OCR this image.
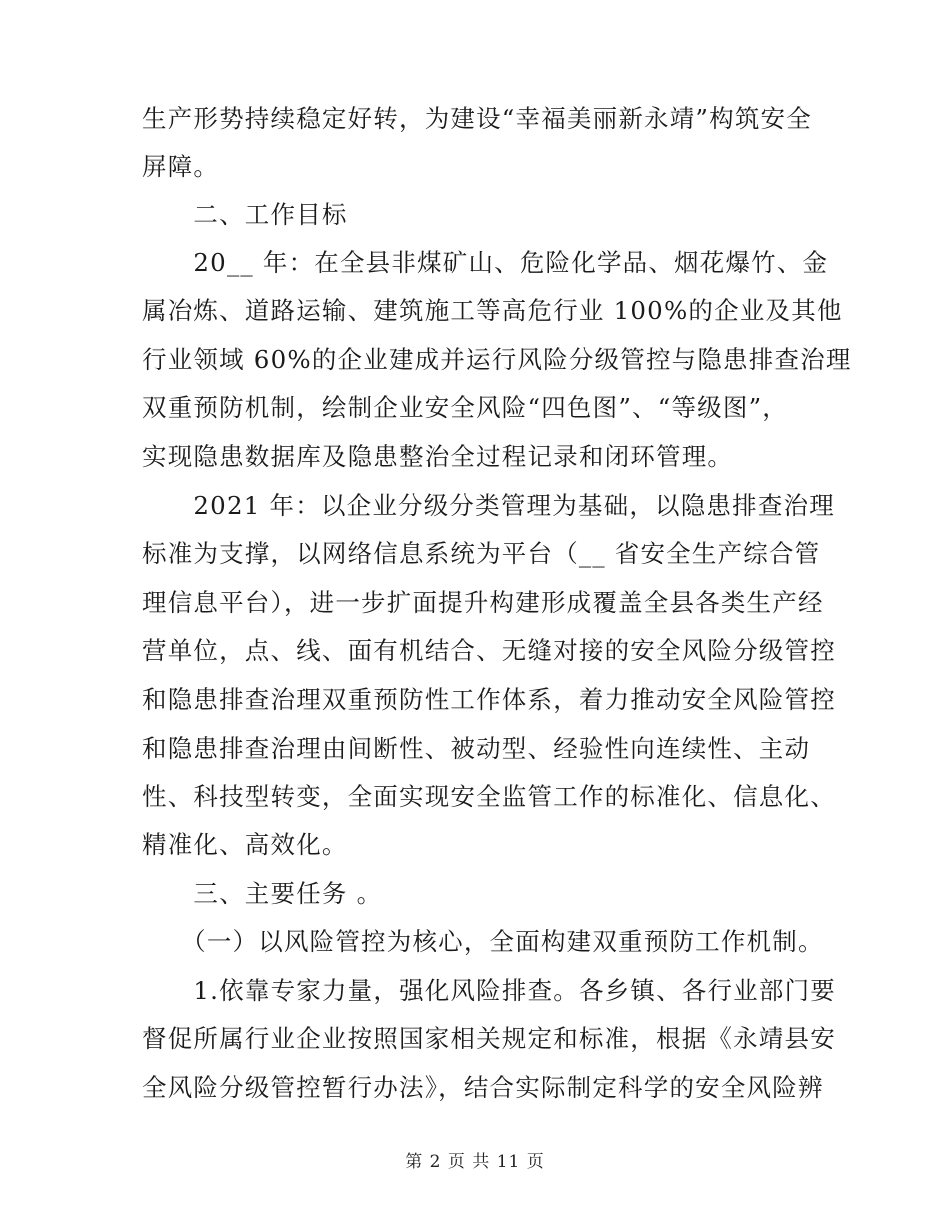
生产形势持续稳定好转，为建设“幸福美丽新永靖”构筑安全
屏障。
　　二、工作目标
　　20__ 年：在全县非煤矿山、危险化学品、烟花爆竹、金
属冶炼、道路运输、建筑施工等高危行业 100%的企业及其他
行业领域 60%的企业建成并运行风险分级管控与隐患排查治理
双重预防机制，绘制企业安全风险“四色图”、“等级图”，
实现隐患数据库及隐患整治全过程记录和闭环管理。
　　2021 年：以企业分级分类管理为基础，以隐患排查治理
标准为支撑，以网络信息系统为平台（__ 省安全生产综合管
理信息平台），进一步扩面提升构建形成覆盖全县各类生产经
营单位，点、线、面有机结合、无缝对接的安全风险分级管控
和隐患排查治理双重预防性工作体系，着力推动安全风险管控
和隐患排查治理由间断性、被动型、经验性向连续性、主动
性、科技型转变，全面实现安全监管工作的标准化、信息化、
精准化、高效化。
　　三、主要任务 。
　　（一）以风险管控为核心，全面构建双重预防工作机制。
　　1.依靠专家力量，强化风险排查。各乡镇、各行业部门要
督促所属行业企业按照国家相关规定和标准，根据《永靖县安
全风险分级管控暂行办法》，结合实际制定科学的安全风险辨
第 2 页 共 11 页
